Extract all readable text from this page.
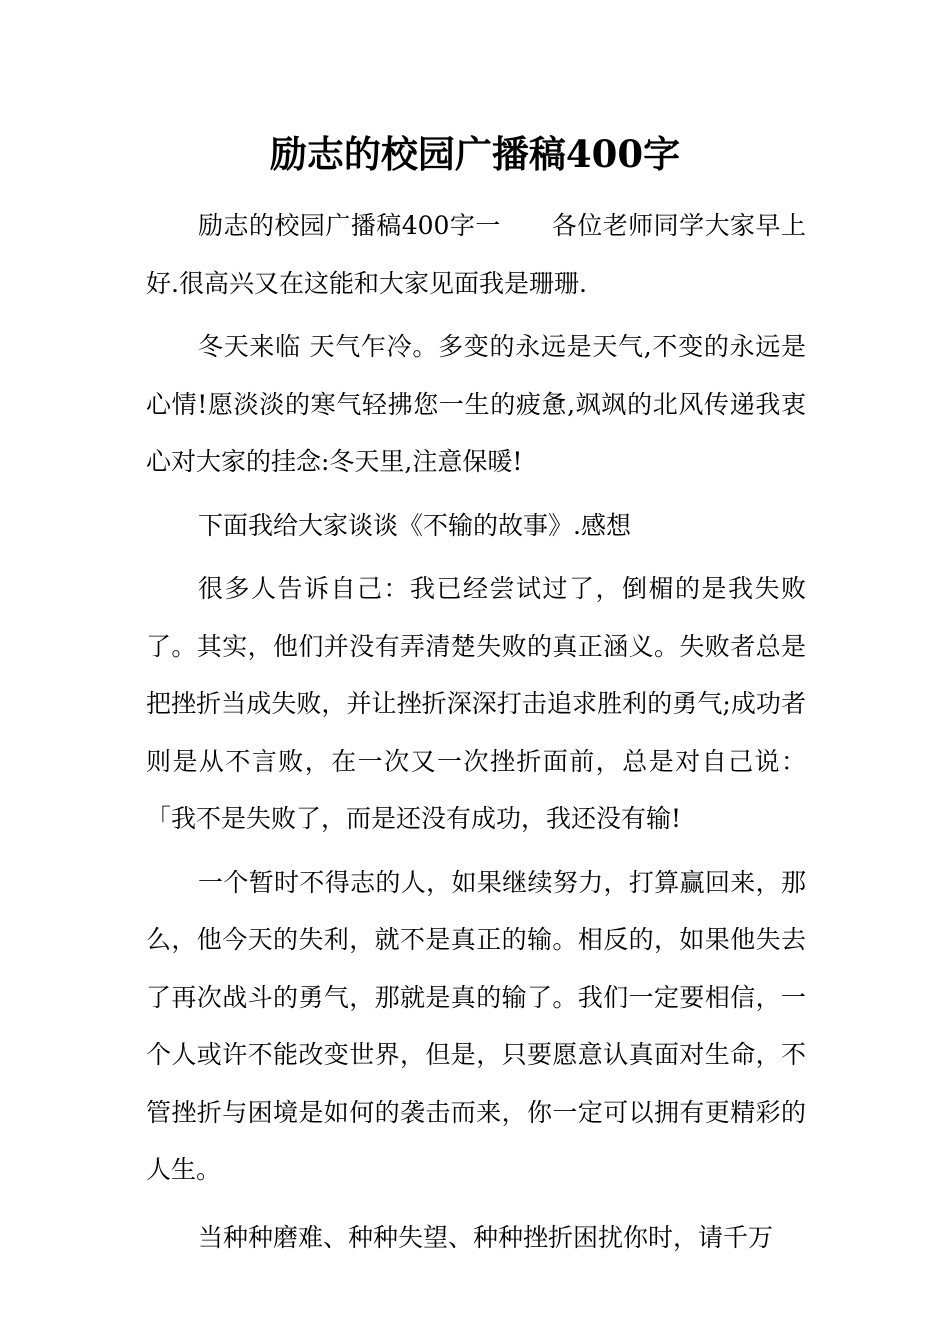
励志的校园广播稿400字

励志的校园广播稿400字一　　各位老师同学大家早上好.很高兴又在这能和大家见面我是珊珊.

冬天来临 天气乍冷。多变的永远是天气,不变的永远是心情!愿淡淡的寒气轻拂您一生的疲惫,飒飒的北风传递我衷心对大家的挂念:冬天里,注意保暖!

下面我给大家谈谈《不输的故事》.感想

很多人告诉自己：我已经尝试过了，倒楣的是我失败了。其实，他们并没有弄清楚失败的真正涵义。失败者总是把挫折当成失败，并让挫折深深打击追求胜利的勇气;成功者则是从不言败，在一次又一次挫折面前，总是对自己说：「我不是失败了，而是还没有成功，我还没有输!

一个暂时不得志的人，如果继续努力，打算赢回来，那么，他今天的失利，就不是真正的输。相反的，如果他失去了再次战斗的勇气，那就是真的输了。我们一定要相信，一个人或许不能改变世界，但是，只要愿意认真面对生命，不管挫折与困境是如何的袭击而来，你一定可以拥有更精彩的人生。

当种种磨难、种种失望、种种挫折困扰你时，请千万
